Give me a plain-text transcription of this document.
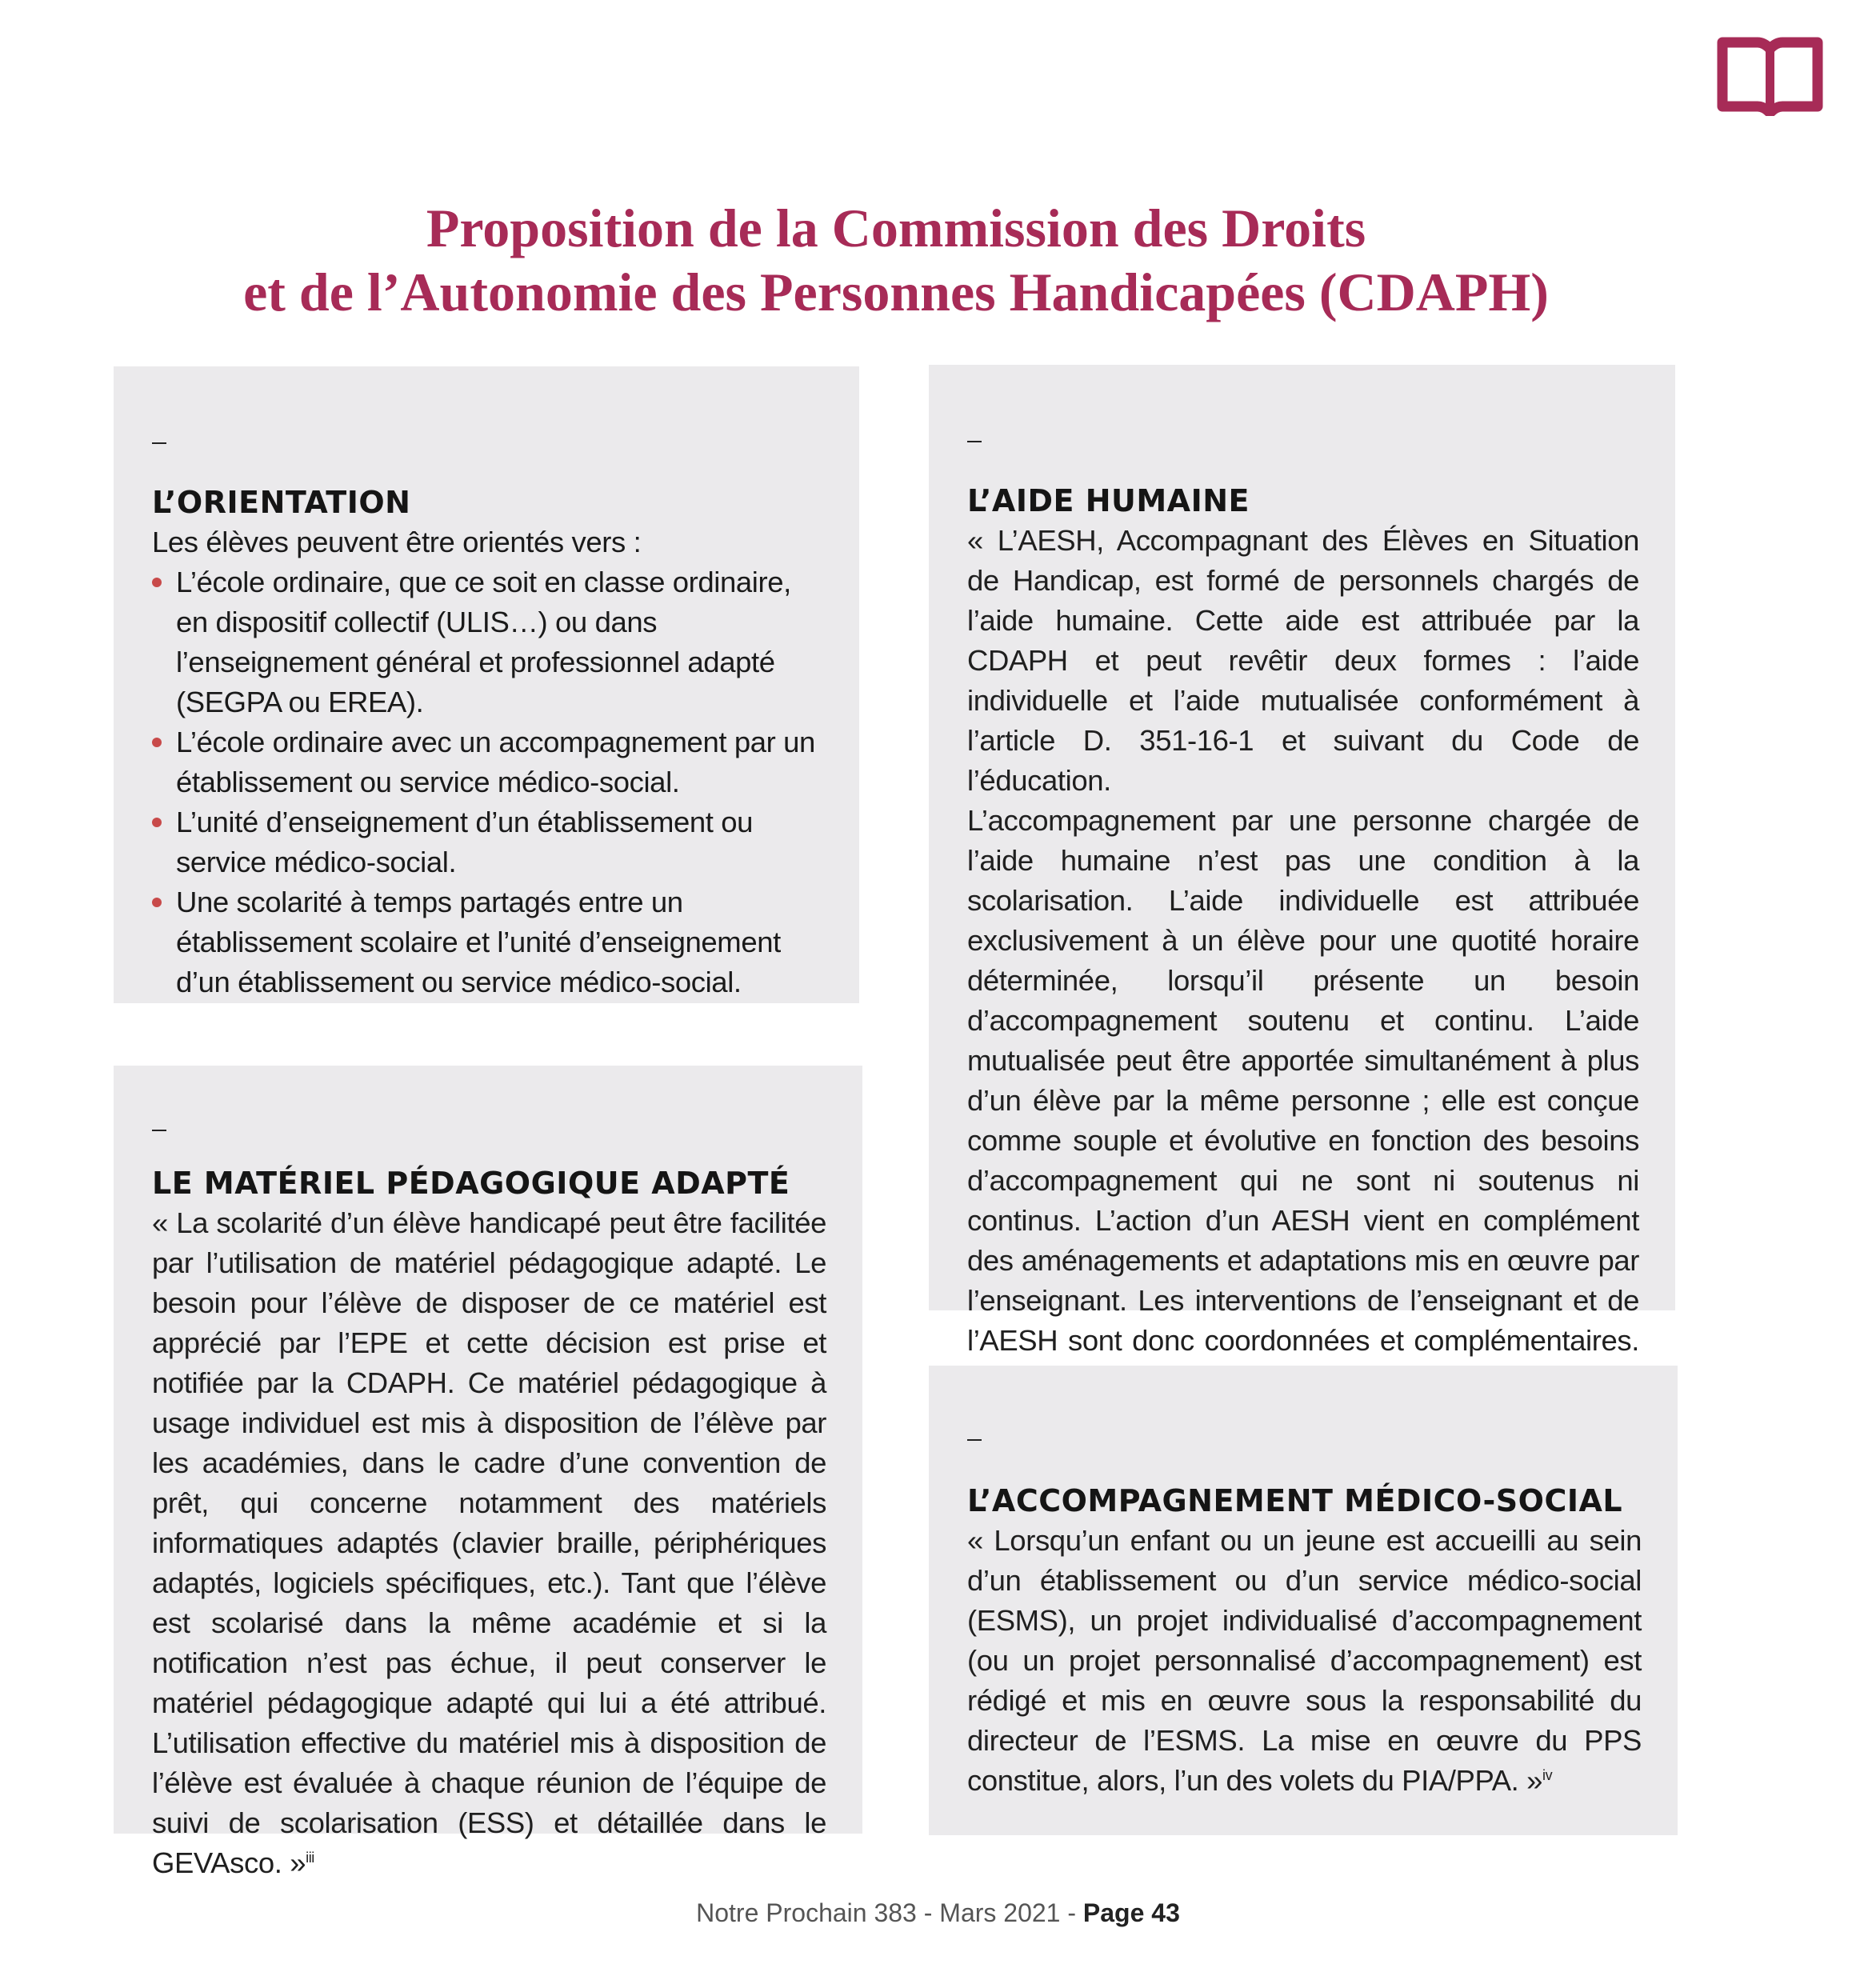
Proposition de la Commission des Droits
et de l’Autonomie des Personnes Handicapées (CDAPH)
L’ORIENTATION

Les élèves peuvent être orientés vers :

L’école ordinaire, que ce soit en classe ordinaire, en dispositif collectif (ULIS…) ou dans l’enseignement général et professionnel adapté (SEGPA ou EREA).
L’école ordinaire avec un accompagnement par un établissement ou service médico-social.
L’unité d’enseignement d’un établissement ou service médico-social.
Une scolarité à temps partagés entre un établissement scolaire et l’unité d’enseignement d’un établissement ou service médico-social.
LE MATÉRIEL PÉDAGOGIQUE ADAPTÉ

« La scolarité d’un élève handicapé peut être facilitée par l’utilisation de matériel pédagogique adapté. Le besoin pour l’élève de disposer de ce matériel est apprécié par l’EPE et cette décision est prise et notifiée par la CDAPH. Ce matériel pédagogique à usage individuel est mis à disposition de l’élève par les académies, dans le cadre d’une convention de prêt, qui concerne notamment des matériels informatiques adaptés (clavier braille, périphériques adaptés, logiciels spécifiques, etc.). Tant que l’élève est scolarisé dans la même académie et si la notification n’est pas échue, il peut conserver le matériel pédagogique adapté qui lui a été attribué. L’utilisation effective du matériel mis à disposition de l’élève est évaluée à chaque réunion de l’équipe de suivi de scolarisation (ESS) et détaillée dans le GEVAsco. »$^{iii}$

L’AIDE HUMAINE

« L’AESH, Accompagnant des Élèves en Situation de Handicap, est formé de personnels chargés de l’aide humaine. Cette aide est attribuée par la CDAPH et peut revêtir deux formes : l’aide individuelle et l’aide mutualisée conformément à l’article D. 351-16-1 et suivant du Code de l’éducation.

L’accompagnement par une personne chargée de l’aide humaine n’est pas une condition à la scolarisation. L’aide individuelle est attribuée exclusivement à un élève pour une quotité horaire déterminée, lorsqu’il présente un besoin d’accompagnement soutenu et continu. L’aide mutualisée peut être apportée simultanément à plus d’un élève par la même personne ; elle est conçue comme souple et évolutive en fonction des besoins d’accompagnement qui ne sont ni soutenus ni continus. L’action d’un AESH vient en complément des aménagements et adaptations mis en œuvre par l’enseignant. Les interventions de l’enseignant et de l’AESH sont donc coordonnées et complémentaires.

L’ACCOMPAGNEMENT MÉDICO-SOCIAL

« Lorsqu’un enfant ou un jeune est accueilli au sein d’un établissement ou d’un service médico-social (ESMS), un projet individualisé d’accompagnement (ou un projet personnalisé d’accompagnement) est rédigé et mis en œuvre sous la responsabilité du directeur de l’ESMS. La mise en œuvre du PPS constitue, alors, l’un des volets du PIA/PPA. »$^{iv}$

Notre Prochain 383 - Mars 2021 - Page 43
